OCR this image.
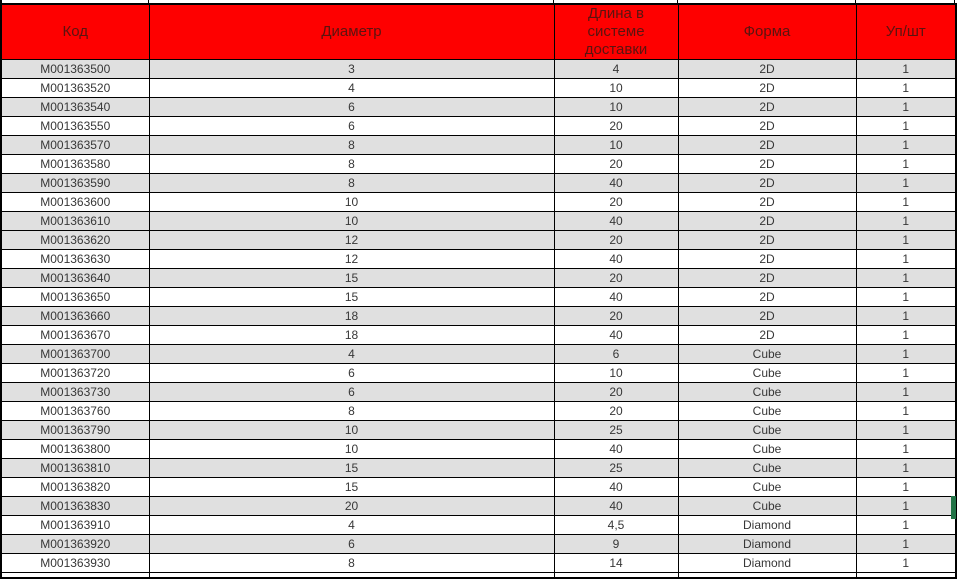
Код	Диаметр	Длина в системе доставки	Форма	Уп/шт
M001363500	3	4	2D	1
M001363520	4	10	2D	1
M001363540	6	10	2D	1
M001363550	6	20	2D	1
M001363570	8	10	2D	1
M001363580	8	20	2D	1
M001363590	8	40	2D	1
M001363600	10	20	2D	1
M001363610	10	40	2D	1
M001363620	12	20	2D	1
M001363630	12	40	2D	1
M001363640	15	20	2D	1
M001363650	15	40	2D	1
M001363660	18	20	2D	1
M001363670	18	40	2D	1
M001363700	4	6	Cube	1
M001363720	6	10	Cube	1
M001363730	6	20	Cube	1
M001363760	8	20	Cube	1
M001363790	10	25	Cube	1
M001363800	10	40	Cube	1
M001363810	15	25	Cube	1
M001363820	15	40	Cube	1
M001363830	20	40	Cube	1
M001363910	4	4,5	Diamond	1
M001363920	6	9	Diamond	1
M001363930	8	14	Diamond	1
